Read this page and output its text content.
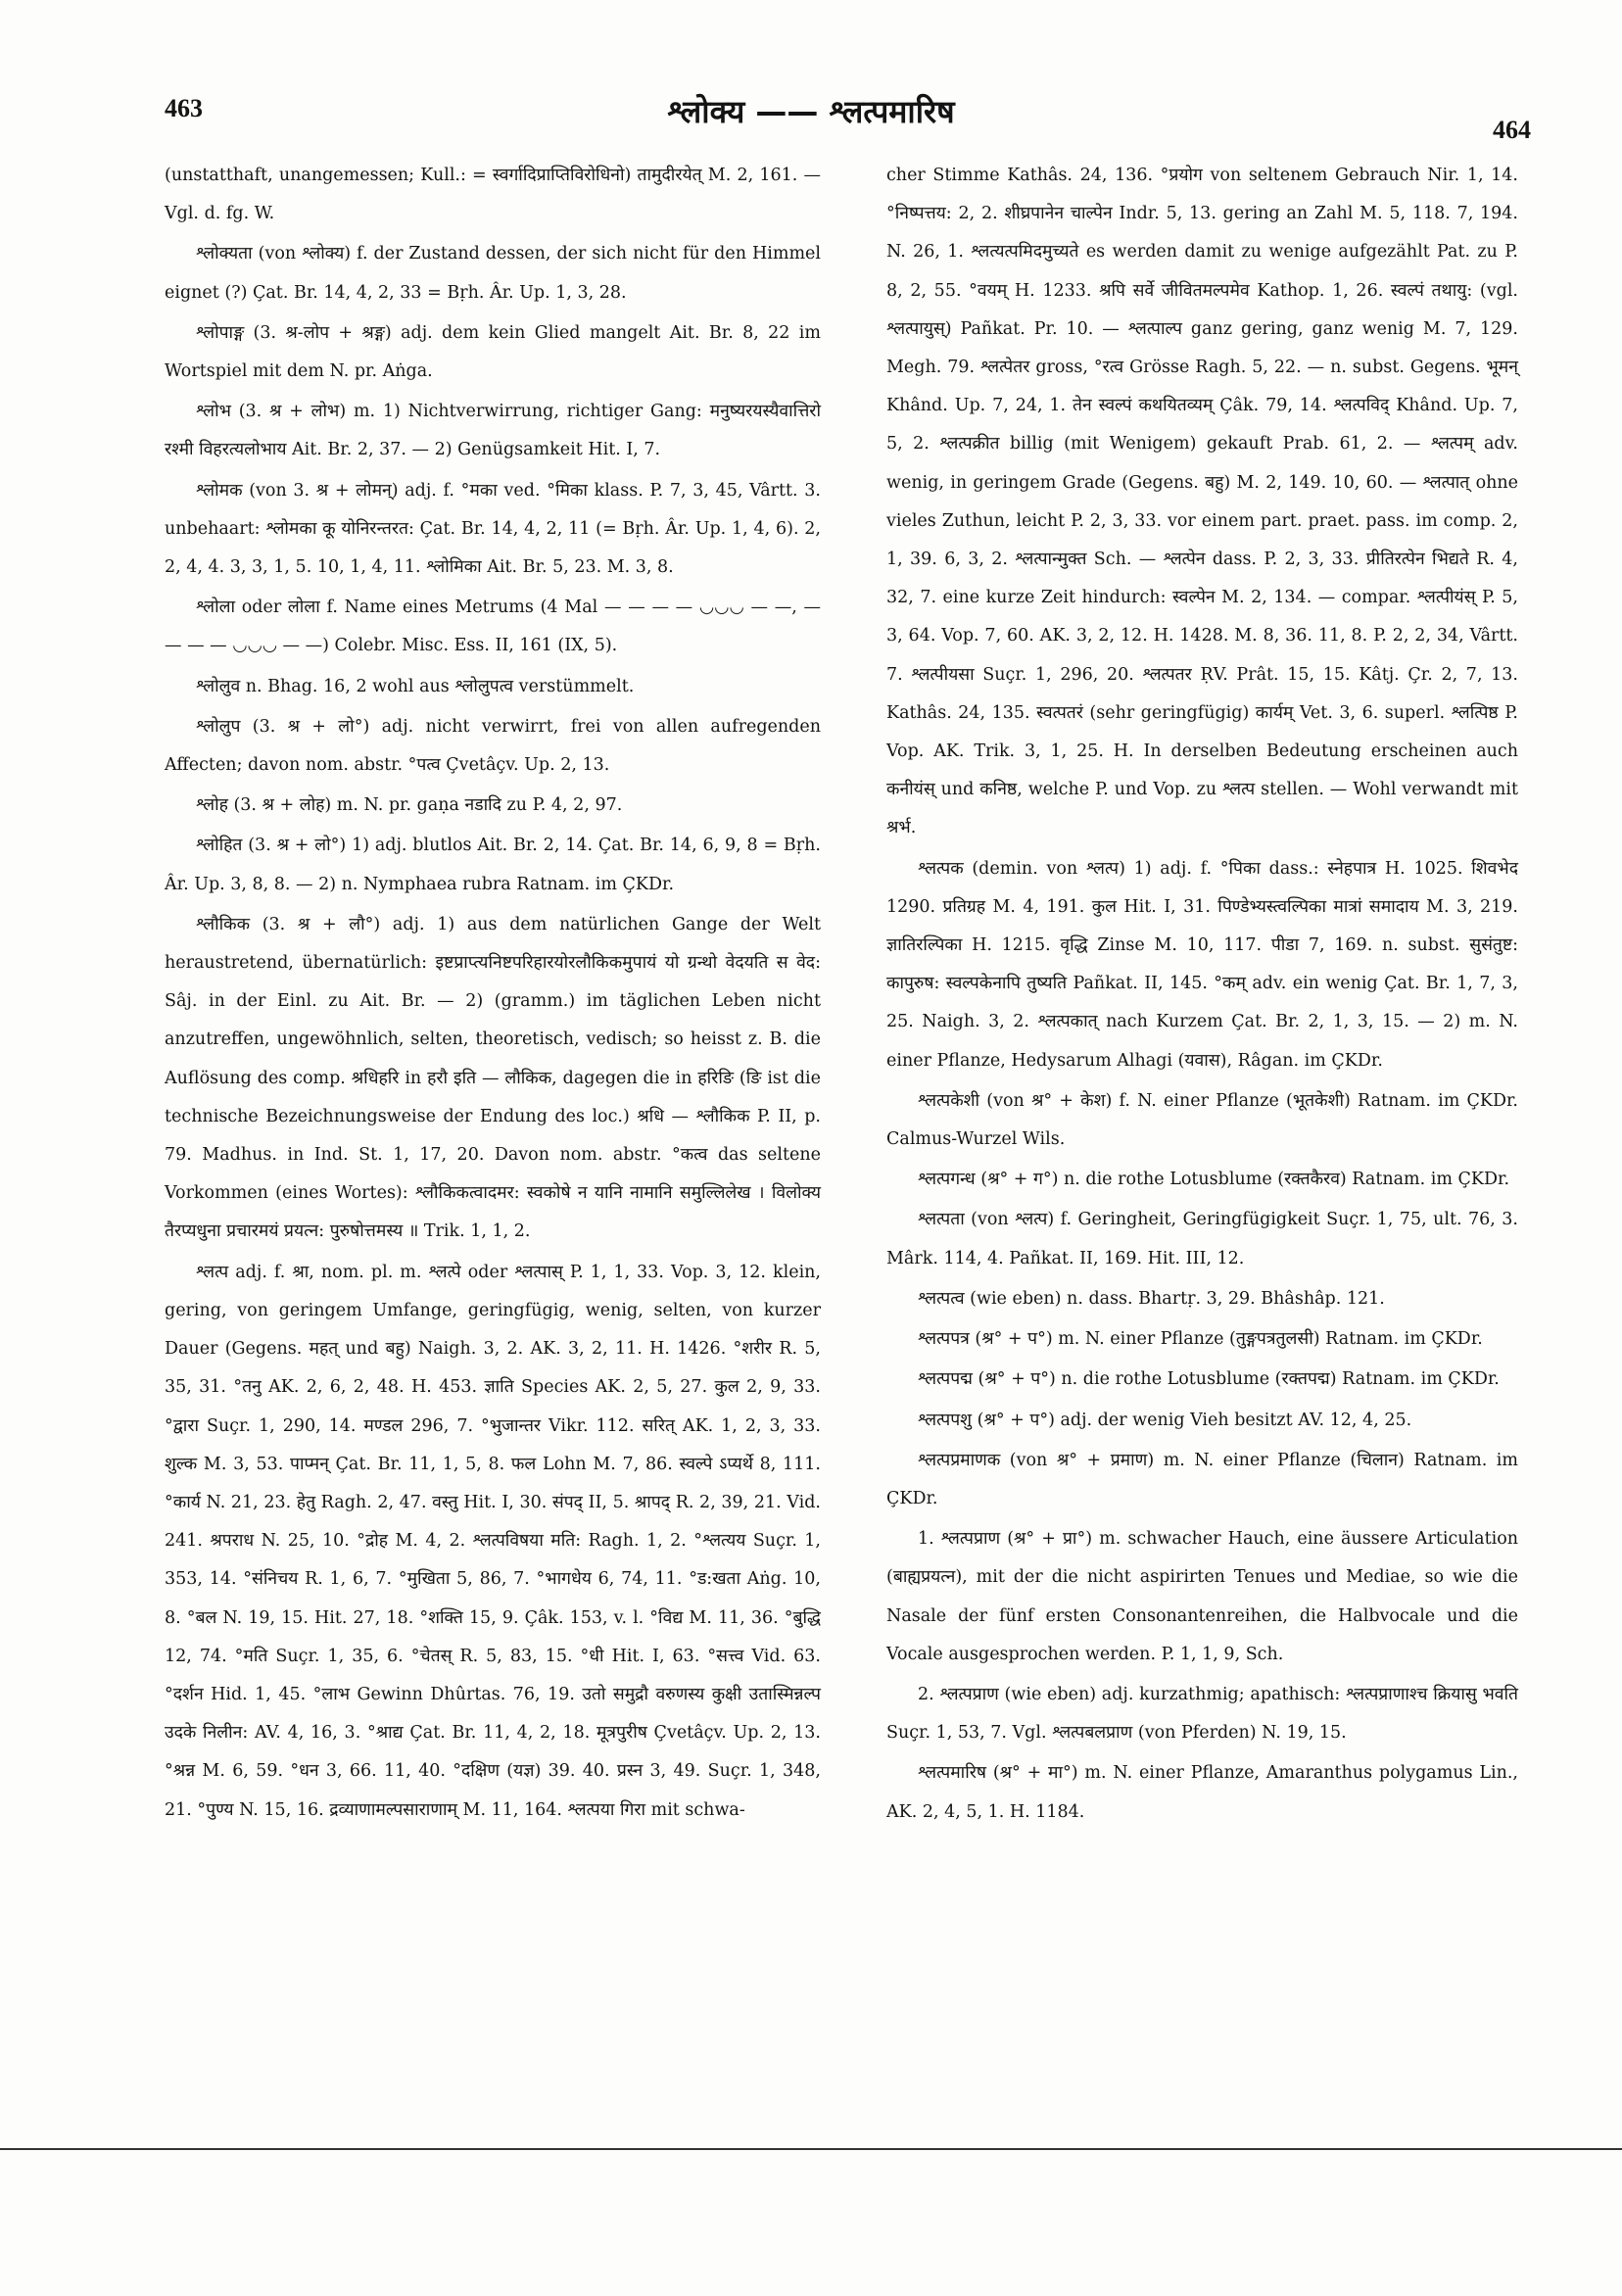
463	श्लोक्य —— श्लत्पमारिष	464

(unstatthaft, unangemessen; Kull.: = स्वर्गादिप्राप्तिविरोधिनो) तामुदीरयेत् M. 2, 161. — Vgl. d. fg. W.

श्लोक्यता (von श्लोक्य) f. der Zustand dessen, der sich nicht für den Himmel eignet (?) Çat. Br. 14, 4, 2, 33 = Bṛh. Âr. Up. 1, 3, 28.

श्लोपाङ्ग (3. श्र-लोप + श्रङ्ग) adj. dem kein Glied mangelt Ait. Br. 8, 22 im Wortspiel mit dem N. pr. Aṅga.

श्लोभ (3. श्र + लोभ) m. 1) Nichtverwirrung, richtiger Gang: मनुष्यरयस्यैवात्तिरो रश्मी विहरत्यलोभाय Ait. Br. 2, 37. — 2) Genügsamkeit Hit. I, 7.

श्लोमक (von 3. श्र + लोमन्) adj. f. °मका ved. °मिका klass. P. 7, 3, 45, Vârtt. 3. unbehaart: श्लोमका कू योनिरन्तरत: Çat. Br. 14, 4, 2, 11 (= Bṛh. Âr. Up. 1, 4, 6). 2, 2, 4, 4. 3, 3, 1, 5. 10, 1, 4, 11. श्लोमिका Ait. Br. 5, 23. M. 3, 8.

श्लोला oder लोला f. Name eines Metrums (4 Mal — — — — ◡◡◡ — —, — — — — ◡◡◡ — —) Colebr. Misc. Ess. II, 161 (IX, 5).

श्लोलुव n. Bhag. 16, 2 wohl aus श्लोलुपत्व verstümmelt.

श्लोलुप (3. श्र + लो°) adj. nicht verwirrt, frei von allen aufregenden Affecten; davon nom. abstr. °पत्व Çvetâçv. Up. 2, 13.

श्लोह (3. श्र + लोह) m. N. pr. gaṇa नडादि zu P. 4, 2, 97.

श्लोहित (3. श्र + लो°) 1) adj. blutlos Ait. Br. 2, 14. Çat. Br. 14, 6, 9, 8 = Bṛh. Âr. Up. 3, 8, 8. — 2) n. Nymphaea rubra Ratnam. im ÇKDr.

श्लौकिक (3. श्र + लौ°) adj. 1) aus dem natürlichen Gange der Welt heraustretend, übernatürlich: इष्टप्राप्त्यनिष्टपरिहारयोरलौकिकमुपायं यो ग्रन्थो वेदयति स वेद: Sâj. in der Einl. zu Ait. Br. — 2) (gramm.) im täglichen Leben nicht anzutreffen, ungewöhnlich, selten, theoretisch, vedisch; so heisst z. B. die Auflösung des comp. श्रधिहरि in हरौ इति — लौकिक, dagegen die in हरिङि (ङि ist die technische Bezeichnungsweise der Endung des loc.) श्रधि — श्लौकिक P. II, p. 79. Madhus. in Ind. St. 1, 17, 20. Davon nom. abstr. °कत्व das seltene Vorkommen (eines Wortes): श्लौकिकत्वादमर: स्वकोषे न यानि नामानि समुल्लिलेख । विलोक्य तैरप्यधुना प्रचारमयं प्रयत्न: पुरुषोत्तमस्य ॥ Trik. 1, 1, 2.

श्लत्प adj. f. श्रा, nom. pl. m. श्लत्पे oder श्लत्पास् P. 1, 1, 33. Vop. 3, 12. klein, gering, von geringem Umfange, geringfügig, wenig, selten, von kurzer Dauer (Gegens. महत् und बहु) Naigh. 3, 2. AK. 3, 2, 11. H. 1426. °शरीर R. 5, 35, 31. °तनु AK. 2, 6, 2, 48. H. 453. ज्ञाति Species AK. 2, 5, 27. कुल 2, 9, 33. °द्वारा Suçr. 1, 290, 14. मण्डल 296, 7. °भुजान्तर Vikr. 112. सरित् AK. 1, 2, 3, 33. शुल्क M. 3, 53. पाप्मन् Çat. Br. 11, 1, 5, 8. फल Lohn M. 7, 86. स्वल्पे ऽप्यर्थे 8, 111. °कार्य N. 21, 23. हेतु Ragh. 2, 47. वस्तु Hit. I, 30. संपद् II, 5. श्रापद् R. 2, 39, 21. Vid. 241. श्रपराध N. 25, 10. °द्रोह M. 4, 2. श्लत्पविषया मति: Ragh. 1, 2. °श्लत्यय Suçr. 1, 353, 14. °संनिचय R. 1, 6, 7. °मुखिता 5, 86, 7. °भागधेय 6, 74, 11. °ड:खता Aṅg. 10, 8. °बल N. 19, 15. Hit. 27, 18. °शक्ति 15, 9. Çâk. 153, v. l. °विद्य M. 11, 36. °बुद्धि 12, 74. °मति Suçr. 1, 35, 6. °चेतस् R. 5, 83, 15. °धी Hit. I, 63. °सत्त्व Vid. 63. °दर्शन Hid. 1, 45. °लाभ Gewinn Dhûrtas. 76, 19. उतो समुद्रौ वरुणस्य कुक्षी उतास्मिन्नल्प उदके निलीन: AV. 4, 16, 3. °श्राद्य Çat. Br. 11, 4, 2, 18. मूत्रपुरीष Çvetâçv. Up. 2, 13. °श्रन्न M. 6, 59. °धन 3, 66. 11, 40. °दक्षिण (यज्ञ) 39. 40. प्रस्न 3, 49. Suçr. 1, 348, 21. °पुण्य N. 15, 16. द्रव्याणामल्पसाराणाम् M. 11, 164. श्लत्पया गिरा mit schwa-

cher Stimme Kathâs. 24, 136. °प्रयोग von seltenem Gebrauch Nir. 1, 14. °निष्पत्तय: 2, 2. शीघ्रपानेन चाल्पेन Indr. 5, 13. gering an Zahl M. 5, 118. 7, 194. N. 26, 1. श्लत्यत्पमिदमुच्यते es werden damit zu wenige aufgezählt Pat. zu P. 8, 2, 55. °वयम् H. 1233. श्रपि सर्वे जीवितमल्पमेव Kathop. 1, 26. स्वल्पं तथायु: (vgl. श्लत्पायुस्) Pañkat. Pr. 10. — श्लत्पाल्प ganz gering, ganz wenig M. 7, 129. Megh. 79. श्लत्पेतर gross, °रत्व Grösse Ragh. 5, 22. — n. subst. Gegens. भूमन् Khând. Up. 7, 24, 1. तेन स्वल्पं कथयितव्यम् Çâk. 79, 14. श्लत्पविद् Khând. Up. 7, 5, 2. श्लत्पक्रीत billig (mit Wenigem) gekauft Prab. 61, 2. — श्लत्पम् adv. wenig, in geringem Grade (Gegens. बहु) M. 2, 149. 10, 60. — श्लत्पात् ohne vieles Zuthun, leicht P. 2, 3, 33. vor einem part. praet. pass. im comp. 2, 1, 39. 6, 3, 2. श्लत्पान्मुक्त Sch. — श्लत्पेन dass. P. 2, 3, 33. प्रीतिरत्पेन भिद्यते R. 4, 32, 7. eine kurze Zeit hindurch: स्वल्पेन M. 2, 134. — compar. श्लत्पीयंस् P. 5, 3, 64. Vop. 7, 60. AK. 3, 2, 12. H. 1428. M. 8, 36. 11, 8. P. 2, 2, 34, Vârtt. 7. श्लत्पीयसा Suçr. 1, 296, 20. श्लत्पतर ṚV. Prât. 15, 15. Kâtj. Çr. 2, 7, 13. Kathâs. 24, 135. स्वत्पतरं (sehr geringfügig) कार्यम् Vet. 3, 6. superl. श्लत्पिष्ठ P. Vop. AK. Trik. 3, 1, 25. H. In derselben Bedeutung erscheinen auch कनीयंस् und कनिष्ठ, welche P. und Vop. zu श्लत्प stellen. — Wohl verwandt mit श्रर्भ.

श्लत्पक (demin. von श्लत्प) 1) adj. f. °पिका dass.: स्नेहपात्र H. 1025. शिवभेद 1290. प्रतिग्रह M. 4, 191. कुल Hit. I, 31. पिण्डेभ्यस्त्वल्पिका मात्रां समादाय M. 3, 219. ज्ञातिरल्पिका H. 1215. वृद्धि Zinse M. 10, 117. पीडा 7, 169. n. subst. सुसंतुष्ट: कापुरुष: स्वल्पकेनापि तुष्यति Pañkat. II, 145. °कम् adv. ein wenig Çat. Br. 1, 7, 3, 25. Naigh. 3, 2. श्लत्पकात् nach Kurzem Çat. Br. 2, 1, 3, 15. — 2) m. N. einer Pflanze, Hedysarum Alhagi (यवास), Râgan. im ÇKDr.

श्लत्पकेशी (von श्र° + केश) f. N. einer Pflanze (भूतकेशी) Ratnam. im ÇKDr. Calmus-Wurzel Wils.

श्लत्पगन्ध (श्र° + ग°) n. die rothe Lotusblume (रक्तकैरव) Ratnam. im ÇKDr.

श्लत्पता (von श्लत्प) f. Geringheit, Geringfügigkeit Suçr. 1, 75, ult. 76, 3. Mârk. 114, 4. Pañkat. II, 169. Hit. III, 12.

श्लत्पत्व (wie eben) n. dass. Bhartṛ. 3, 29. Bhâshâp. 121.

श्लत्पपत्र (श्र° + प°) m. N. einer Pflanze (तुङ्गपत्रतुलसी) Ratnam. im ÇKDr.

श्लत्पपद्म (श्र° + प°) n. die rothe Lotusblume (रक्तपद्म) Ratnam. im ÇKDr.

श्लत्पपशु (श्र° + प°) adj. der wenig Vieh besitzt AV. 12, 4, 25.

श्लत्पप्रमाणक (von श्र° + प्रमाण) m. N. einer Pflanze (चिलान) Ratnam. im ÇKDr.

1. श्लत्पप्राण (श्र° + प्रा°) m. schwacher Hauch, eine äussere Articulation (बाह्यप्रयत्न), mit der die nicht aspirirten Tenues und Mediae, so wie die Nasale der fünf ersten Consonantenreihen, die Halbvocale und die Vocale ausgesprochen werden. P. 1, 1, 9, Sch.

2. श्लत्पप्राण (wie eben) adj. kurzathmig; apathisch: श्लत्पप्राणाश्च क्रियासु भवति Suçr. 1, 53, 7. Vgl. श्लत्पबलप्राण (von Pferden) N. 19, 15.

श्लत्पमारिष (श्र° + मा°) m. N. einer Pflanze, Amaranthus polygamus Lin., AK. 2, 4, 5, 1. H. 1184.
